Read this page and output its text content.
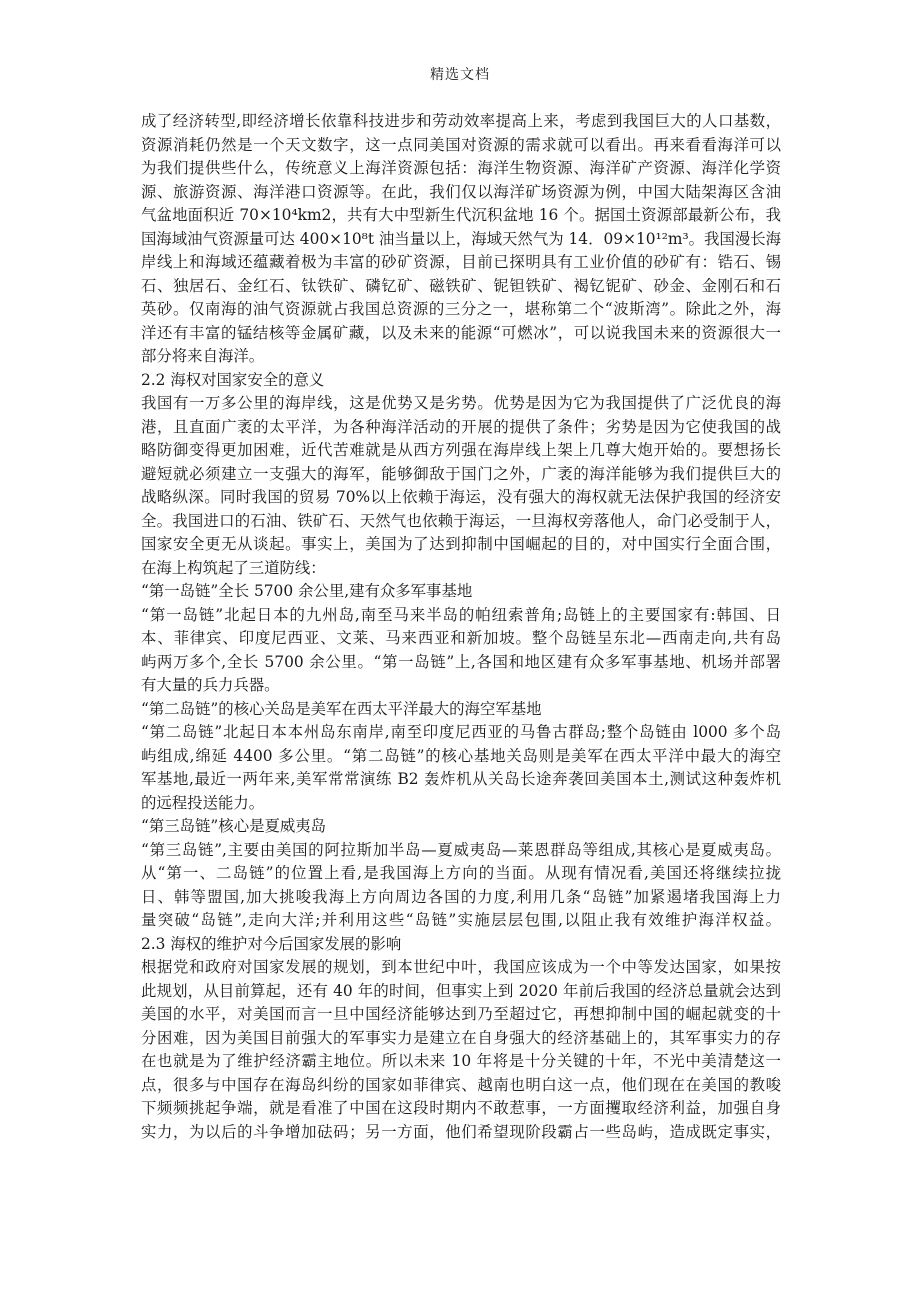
精选文档
成了经济转型,即经济增长依靠科技进步和劳动效率提高上来，考虑到我国巨大的人口基数，
资源消耗仍然是一个天文数字，这一点同美国对资源的需求就可以看出。再来看看海洋可以
为我们提供些什么，传统意义上海洋资源包括：海洋生物资源、海洋矿产资源、海洋化学资
源、旅游资源、海洋港口资源等。在此，我们仅以海洋矿场资源为例，中国大陆架海区含油
气盆地面积近 70×10⁴km2，共有大中型新生代沉积盆地 16 个。据国土资源部最新公布，我
国海域油气资源量可达 400×10⁸t 油当量以上，海域天然气为 14．09×10¹²m³。我国漫长海
岸线上和海域还蕴藏着极为丰富的砂矿资源，目前已探明具有工业价值的砂矿有：锆石、锡
石、独居石、金红石、钛铁矿、磷钇矿、磁铁矿、铌钽铁矿、褐钇铌矿、砂金、金刚石和石
英砂。仅南海的油气资源就占我国总资源的三分之一，堪称第二个“波斯湾”。除此之外，海
洋还有丰富的锰结核等金属矿藏，以及未来的能源“可燃冰”，可以说我国未来的资源很大一
部分将来自海洋。
2.2 海权对国家安全的意义
我国有一万多公里的海岸线，这是优势又是劣势。优势是因为它为我国提供了广泛优良的海
港，且直面广袤的太平洋，为各种海洋活动的开展的提供了条件；劣势是因为它使我国的战
略防御变得更加困难，近代苦难就是从西方列强在海岸线上架上几尊大炮开始的。要想扬长
避短就必须建立一支强大的海军，能够御敌于国门之外，广袤的海洋能够为我们提供巨大的
战略纵深。同时我国的贸易 70%以上依赖于海运，没有强大的海权就无法保护我国的经济安
全。我国进口的石油、铁矿石、天然气也依赖于海运，一旦海权旁落他人，命门必受制于人，
国家安全更无从谈起。事实上，美国为了达到抑制中国崛起的目的，对中国实行全面合围，
在海上构筑起了三道防线：
“第一岛链”全长 5700 余公里,建有众多军事基地
“第一岛链”北起日本的九州岛,南至马来半岛的帕纽索普角;岛链上的主要国家有:韩国、日
本、菲律宾、印度尼西亚、文莱、马来西亚和新加坡。整个岛链呈东北—西南走向,共有岛
屿两万多个,全长 5700 余公里。“第一岛链”上,各国和地区建有众多军事基地、机场并部署
有大量的兵力兵器。
“第二岛链”的核心关岛是美军在西太平洋最大的海空军基地
“第二岛链”北起日本本州岛东南岸,南至印度尼西亚的马鲁古群岛;整个岛链由 l000 多个岛
屿组成,绵延 4400 多公里。“第二岛链”的核心基地关岛则是美军在西太平洋中最大的海空
军基地,最近一两年来,美军常常演练 B2 轰炸机从关岛长途奔袭回美国本土,测试这种轰炸机
的远程投送能力。
“第三岛链”核心是夏威夷岛
“第三岛链”,主要由美国的阿拉斯加半岛—夏威夷岛—莱恩群岛等组成,其核心是夏威夷岛。
从“第一、二岛链”的位置上看,是我国海上方向的当面。从现有情况看,美国还将继续拉拢
日、韩等盟国,加大挑唆我海上方向周边各国的力度,利用几条“岛链”加紧遏堵我国海上力
量突破“岛链”,走向大洋;并利用这些“岛链”实施层层包围,以阻止我有效维护海洋权益。
2.3 海权的维护对今后国家发展的影响
根据党和政府对国家发展的规划，到本世纪中叶，我国应该成为一个中等发达国家，如果按
此规划，从目前算起，还有 40 年的时间，但事实上到 2020 年前后我国的经济总量就会达到
美国的水平，对美国而言一旦中国经济能够达到乃至超过它，再想抑制中国的崛起就变的十
分困难，因为美国目前强大的军事实力是建立在自身强大的经济基础上的，其军事实力的存
在也就是为了维护经济霸主地位。所以未来 10 年将是十分关键的十年，不光中美清楚这一
点，很多与中国存在海岛纠纷的国家如菲律宾、越南也明白这一点，他们现在在美国的教唆
下频频挑起争端，就是看准了中国在这段时期内不敢惹事，一方面攫取经济利益，加强自身
实力，为以后的斗争增加砝码；另一方面，他们希望现阶段霸占一些岛屿，造成既定事实，
